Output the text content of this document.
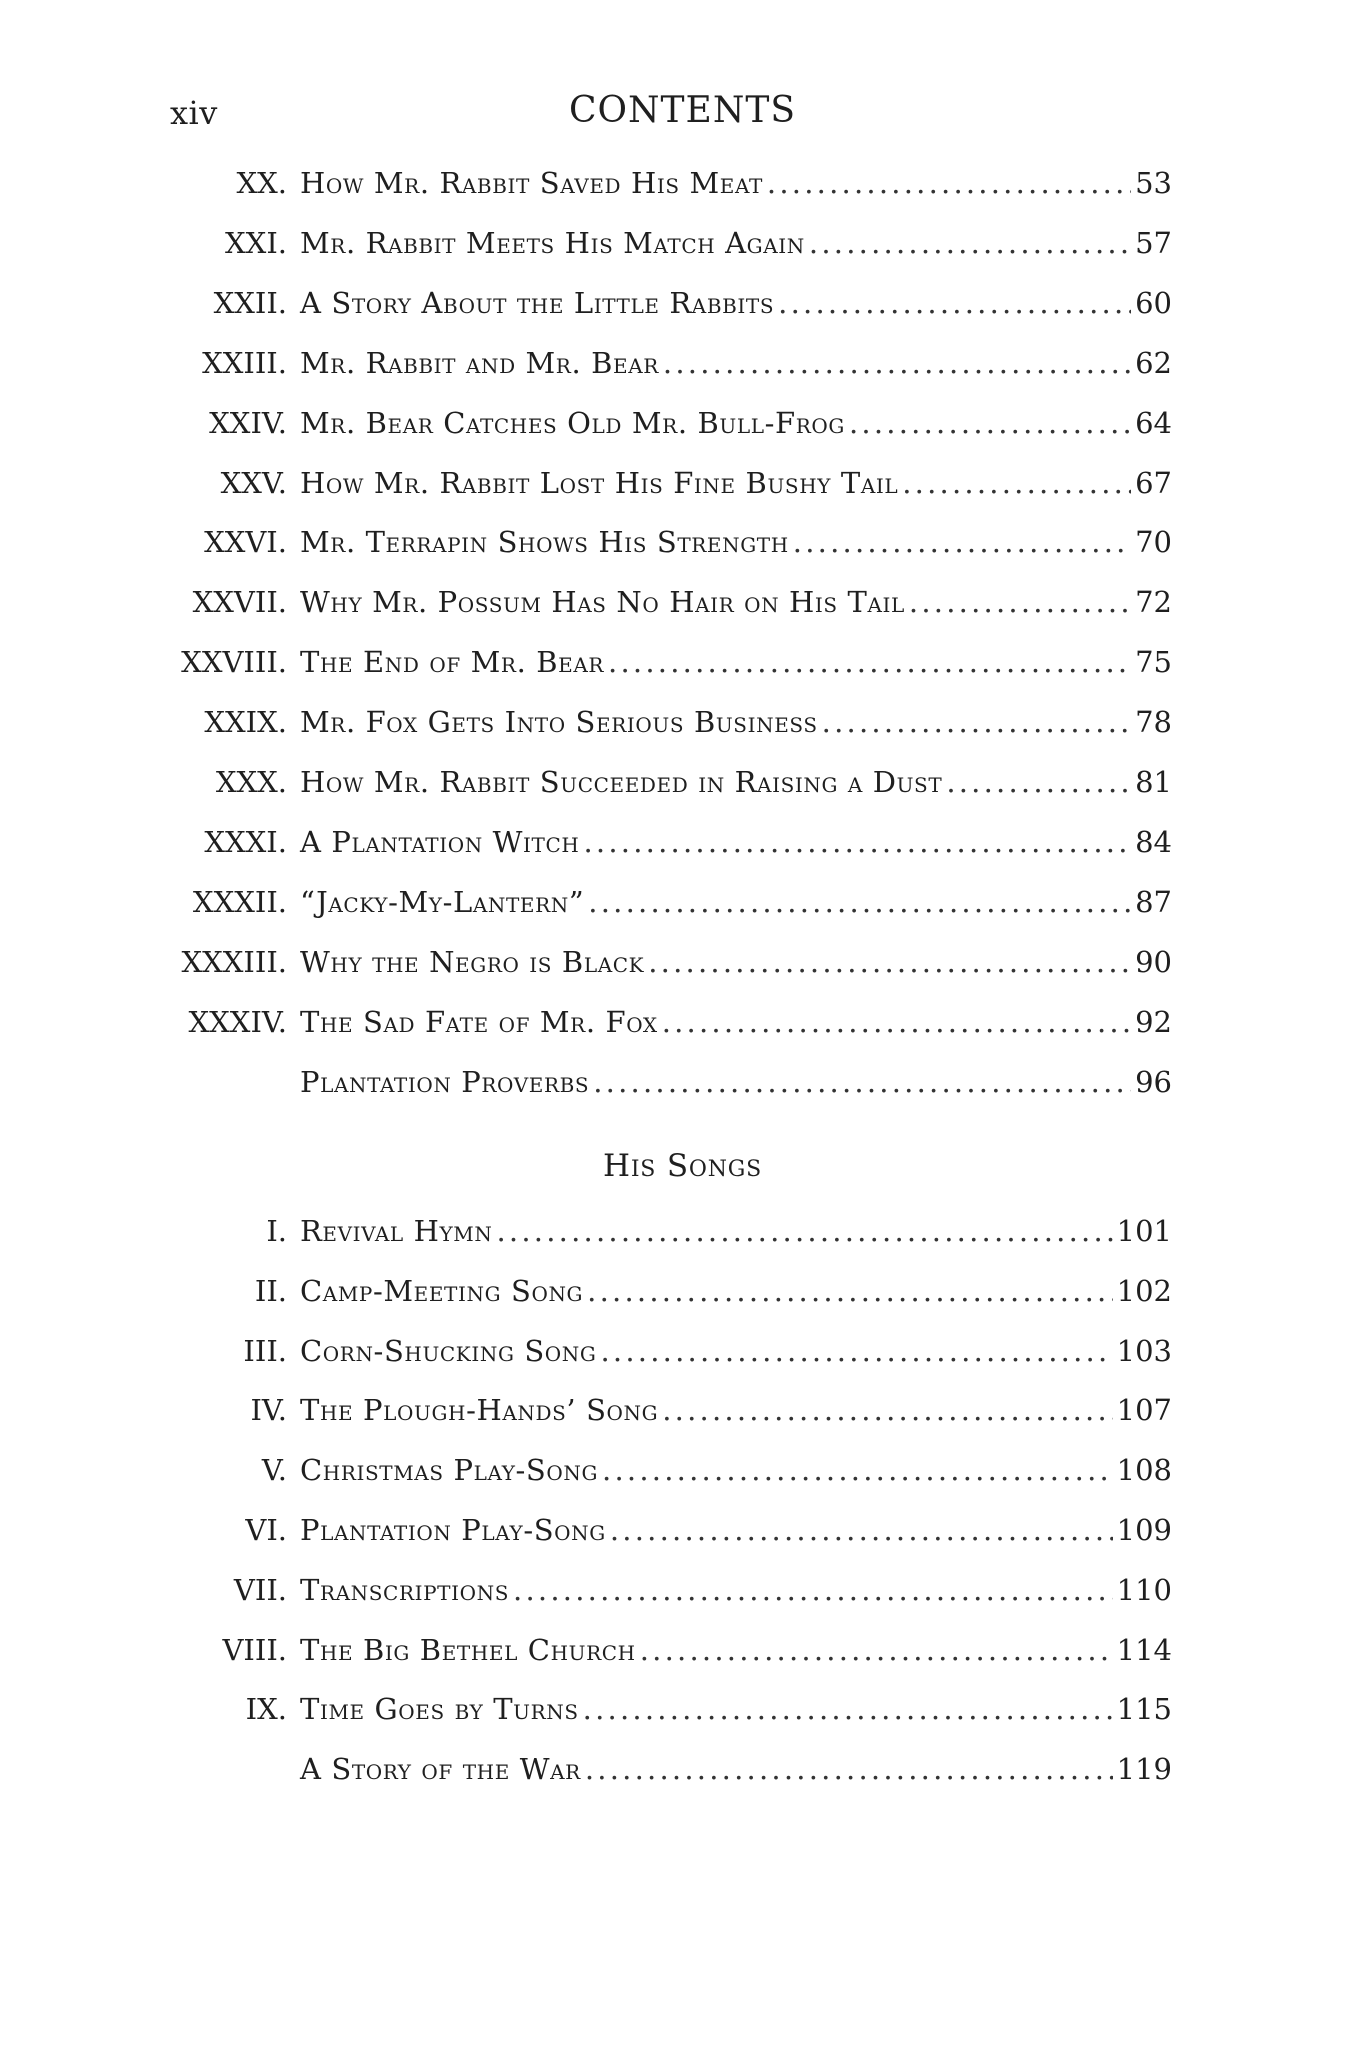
xiv	CONTENTS
XX. How Mr. Rabbit Saved His Meat . . .	53
XXI. Mr. Rabbit Meets His Match Again . . .	57
XXII. A Story About the Little Rabbits . . .	60
XXIII. Mr. Rabbit and Mr. Bear . . .	62
XXIV. Mr. Bear Catches Old Mr. Bull-Frog . . .	64
XXV. How Mr. Rabbit Lost His Fine Bushy Tail . . .	67
XXVI. Mr. Terrapin Shows His Strength . . .	70
XXVII. Why Mr. Possum Has No Hair on His Tail . . .	72
XXVIII. The End of Mr. Bear . . .	75
XXIX. Mr. Fox Gets Into Serious Business . . .	78
XXX. How Mr. Rabbit Succeeded in Raising a Dust . . .	81
XXXI. A Plantation Witch . . .	84
XXXII. “Jacky-My-Lantern” . . .	87
XXXIII. Why the Negro is Black . . .	90
XXXIV. The Sad Fate of Mr. Fox . . .	92
Plantation Proverbs . . .	96
His Songs
I. Revival Hymn . . .	101
II. Camp-Meeting Song . . .	102
III. Corn-Shucking Song . . .	103
IV. The Plough-Hands’ Song . . .	107
V. Christmas Play-Song . . .	108
VI. Plantation Play-Song . . .	109
VII. Transcriptions . . .	110
VIII. The Big Bethel Church . . .	114
IX. Time Goes by Turns . . .	115
A Story of the War . . .	119
